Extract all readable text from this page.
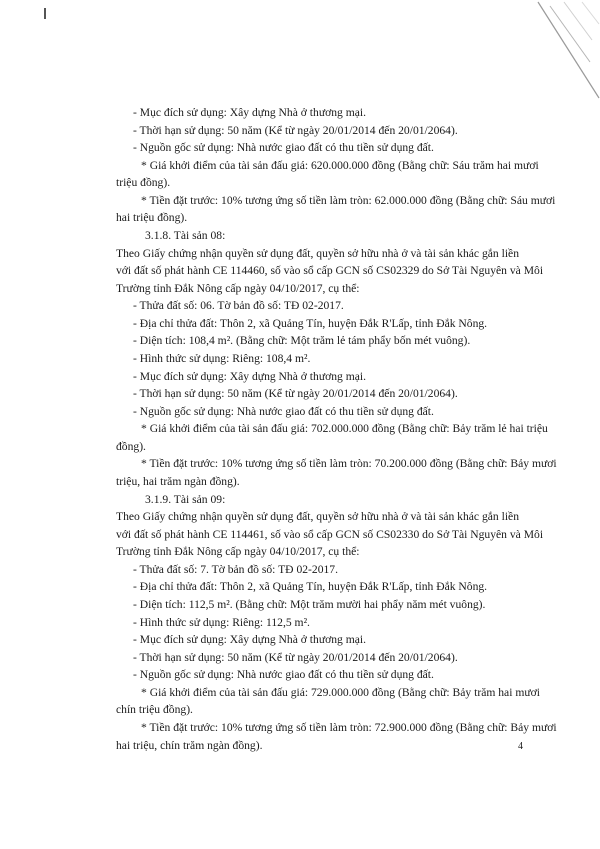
- Mục đích sử dụng: Xây dựng Nhà ở thương mại.
- Thời hạn sử dụng: 50 năm (Kể từ ngày 20/01/2014 đến 20/01/2064).
- Nguồn gốc sử dụng: Nhà nước giao đất có thu tiền sử dụng đất.
* Giá khởi điểm của tài sản đấu giá: 620.000.000 đồng (Bằng chữ: Sáu trăm hai mươi
triệu đồng).
* Tiền đặt trước: 10% tương ứng số tiền làm tròn: 62.000.000 đồng (Bằng chữ: Sáu mươi
hai triệu đồng).
3.1.8. Tài sản 08:
Theo Giấy chứng nhận quyền sử dụng đất, quyền sở hữu nhà ở và tài sản khác gắn liền
với đất số phát hành CE 114460, số vào sổ cấp GCN số CS02329 do Sở Tài Nguyên và Môi
Trường tỉnh Đắk Nông cấp ngày 04/10/2017, cụ thể:
- Thửa đất số: 06. Tờ bản đồ số: TĐ 02-2017.
- Địa chỉ thửa đất: Thôn 2, xã Quảng Tín, huyện Đắk R'Lấp, tỉnh Đắk Nông.
- Diện tích: 108,4 m². (Bằng chữ: Một trăm lẻ tám phẩy bốn mét vuông).
- Hình thức sử dụng: Riêng: 108,4 m².
- Mục đích sử dụng: Xây dựng Nhà ở thương mại.
- Thời hạn sử dụng: 50 năm (Kể từ ngày 20/01/2014 đến 20/01/2064).
- Nguồn gốc sử dụng: Nhà nước giao đất có thu tiền sử dụng đất.
* Giá khởi điểm của tài sản đấu giá: 702.000.000 đồng (Bằng chữ: Bảy trăm lẻ hai triệu
đồng).
* Tiền đặt trước: 10% tương ứng số tiền làm tròn: 70.200.000 đồng (Bằng chữ: Bảy mươi
triệu, hai trăm ngàn đồng).
3.1.9. Tài sản 09:
Theo Giấy chứng nhận quyền sử dụng đất, quyền sở hữu nhà ở và tài sản khác gắn liền
với đất số phát hành CE 114461, số vào sổ cấp GCN số CS02330 do Sở Tài Nguyên và Môi
Trường tỉnh Đắk Nông cấp ngày 04/10/2017, cụ thể:
- Thửa đất số: 7. Tờ bản đồ số: TĐ 02-2017.
- Địa chỉ thửa đất: Thôn 2, xã Quảng Tín, huyện Đắk R'Lấp, tỉnh Đắk Nông.
- Diện tích: 112,5 m². (Bằng chữ: Một trăm mười hai phẩy năm mét vuông).
- Hình thức sử dụng: Riêng: 112,5 m².
- Mục đích sử dụng: Xây dựng Nhà ở thương mại.
- Thời hạn sử dụng: 50 năm (Kể từ ngày 20/01/2014 đến 20/01/2064).
- Nguồn gốc sử dụng: Nhà nước giao đất có thu tiền sử dụng đất.
* Giá khởi điểm của tài sản đấu giá: 729.000.000 đồng (Bằng chữ: Bảy trăm hai mươi
chín triệu đồng).
* Tiền đặt trước: 10% tương ứng số tiền làm tròn: 72.900.000 đồng (Bằng chữ: Bảy mươi
hai triệu, chín trăm ngàn đồng).	4
